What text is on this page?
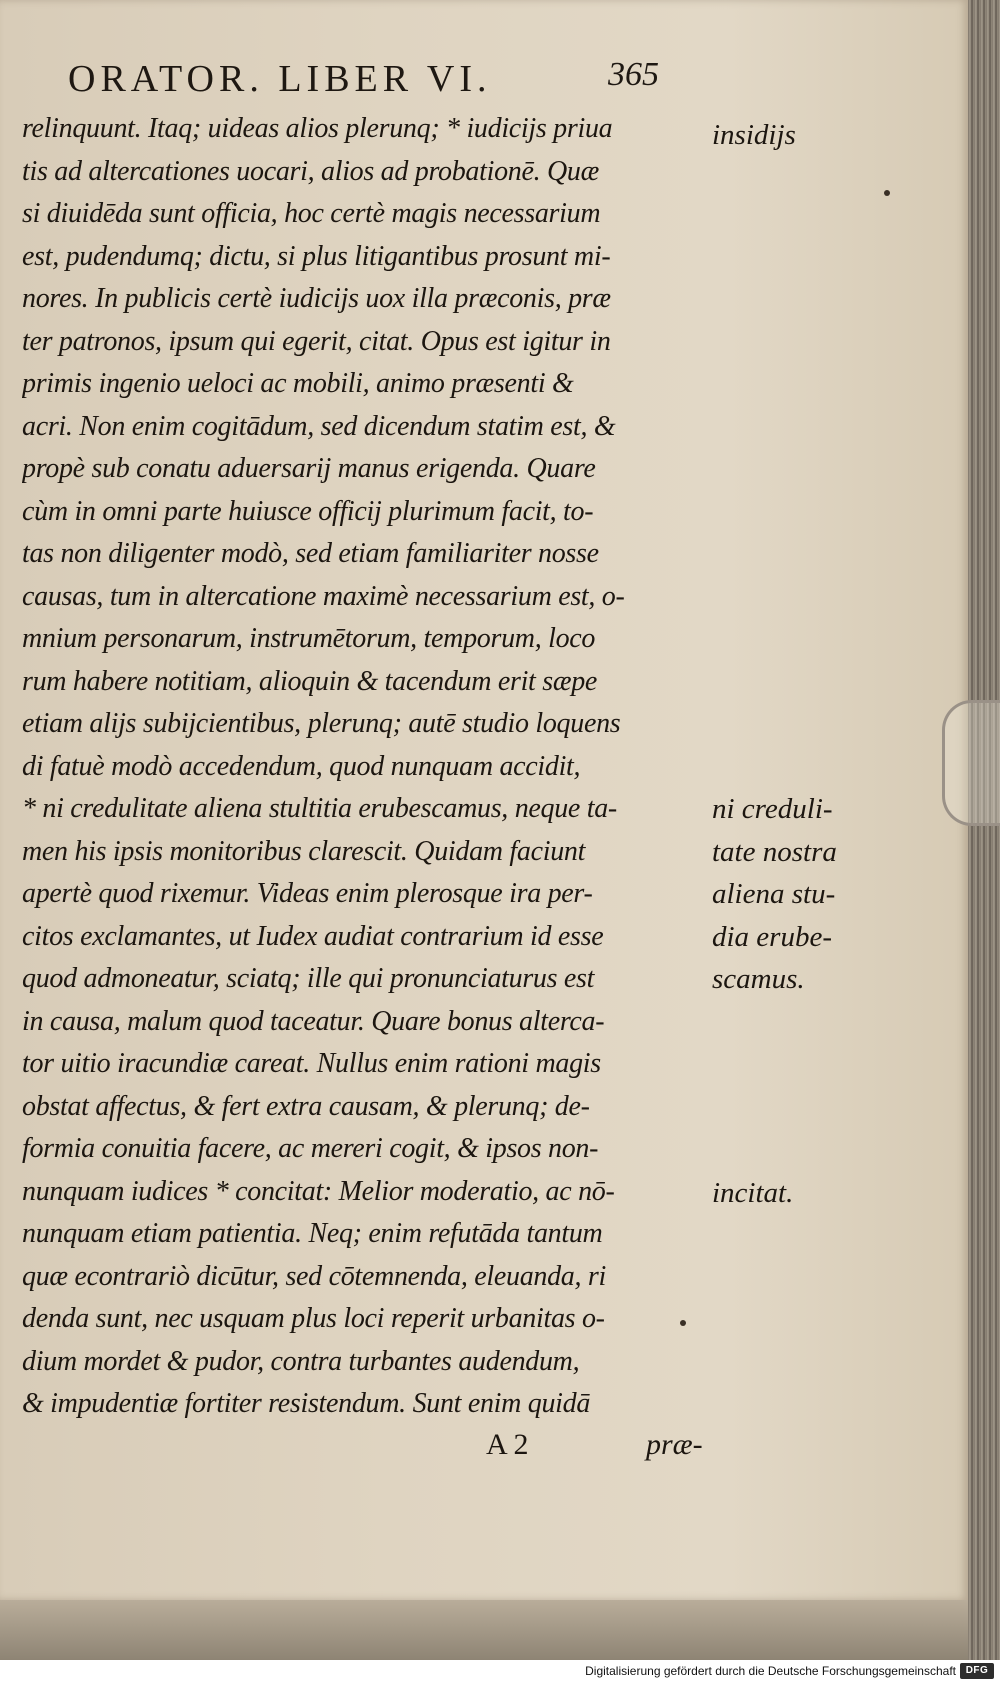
ORATOR. LIBER VI.	365
relinquunt. Itaq; uideas alios plerunq; * iudicijs priua
tis ad altercationes uocari, alios ad probationē. Quæ
si diuidēda sunt officia, hoc certè magis necessarium
est, pudendumq; dictu, si plus litigantibus prosunt mi-
nores. In publicis certè iudicijs uox illa præconis, præ
ter patronos, ipsum qui egerit, citat. Opus est igitur in
primis ingenio ueloci ac mobili, animo præsenti &
acri. Non enim cogitādum, sed dicendum statim est, &
propè sub conatu aduersarij manus erigenda. Quare
cùm in omni parte huiusce officij plurimum facit, to-
tas non diligenter modò, sed etiam familiariter nosse
causas, tum in altercatione maximè necessarium est, o-
mnium personarum, instrumētorum, temporum, loco
rum habere notitiam, alioquin & tacendum erit sæpe
etiam alijs subijcientibus, plerunq; autē studio loquens
di fatuè modò accedendum, quod nunquam accidit,
* ni credulitate aliena stultitia erubescamus, neque ta-
men his ipsis monitoribus clarescit. Quidam faciunt
apertè quod rixemur. Videas enim plerosque ira per-
citos exclamantes, ut Iudex audiat contrarium id esse
quod admoneatur, sciatq; ille qui pronunciaturus est
in causa, malum quod taceatur. Quare bonus alterca-
tor uitio iracundiæ careat. Nullus enim rationi magis
obstat affectus, & fert extra causam, & plerunq; de-
formia conuitia facere, ac mereri cogit, & ipsos non-
nunquam iudices * concitat: Melior moderatio, ac nō-
nunquam etiam patientia. Neq; enim refutāda tantum
quæ econtrariò dicūtur, sed cōtemnenda, eleuanda, ri
denda sunt, nec usquam plus loci reperit urbanitas o-
dium mordet & pudor, contra turbantes audendum,
& impudentiæ fortiter resistendum. Sunt enim quidā
insidijs
ni creduli-
tate nostra
aliena stu-
dia erube-
scamus.
incitat.
A 2	præ-
Digitalisierung gefördert durch die Deutsche Forschungsgemeinschaft DFG
